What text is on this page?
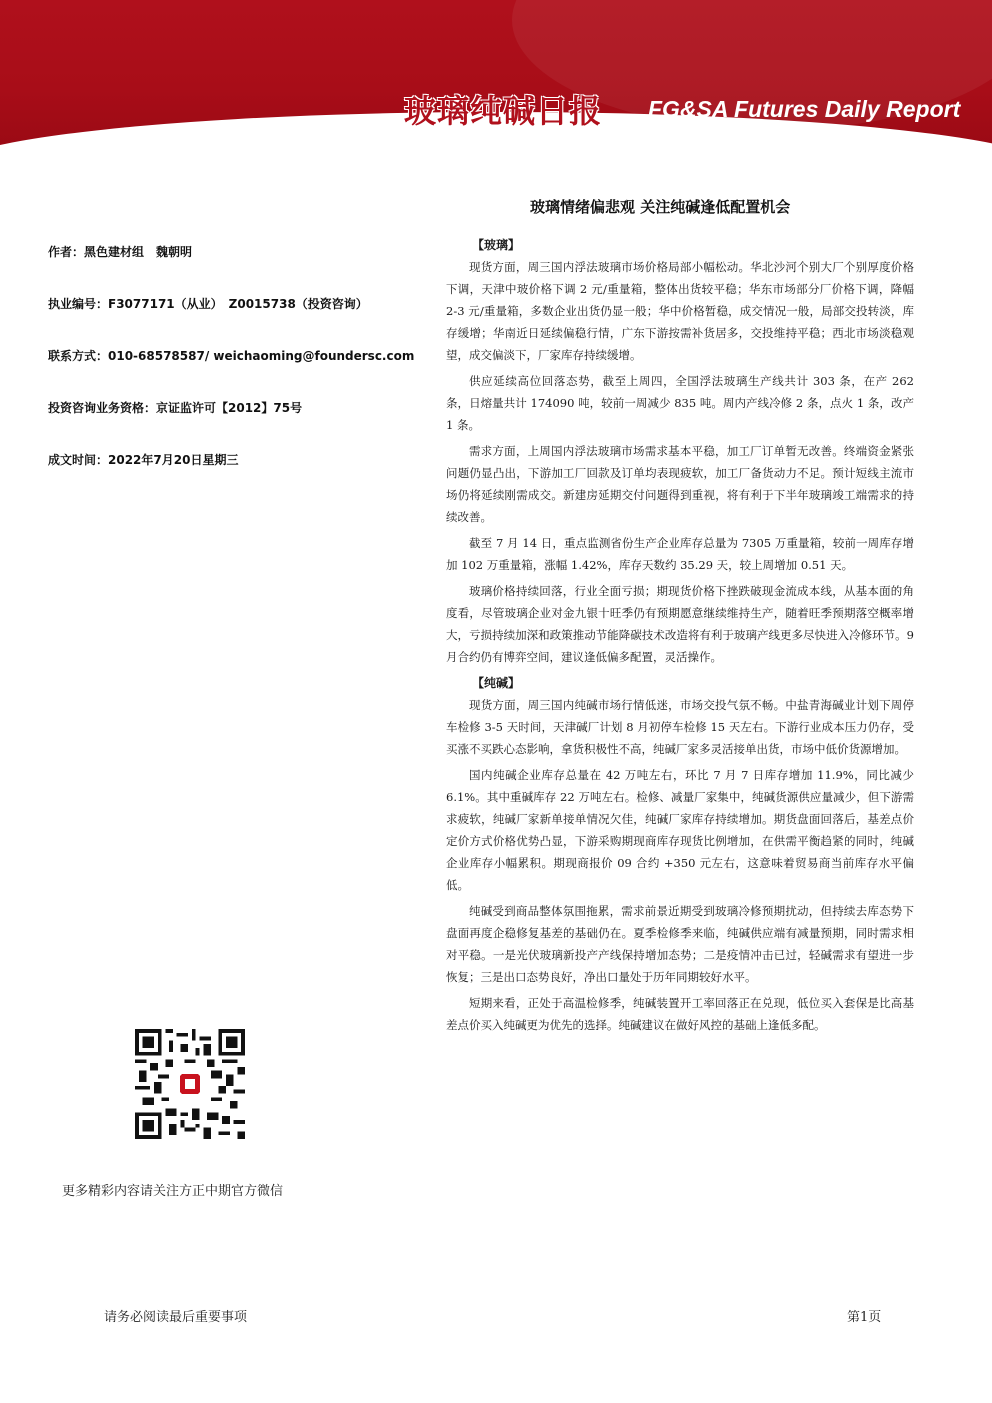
玻璃纯碱日报 FG&SA Futures Daily Report
玻璃情绪偏悲观 关注纯碱逢低配置机会
作者：黑色建材组　魏朝明
执业编号：F3077171（从业）　Z0015738（投资咨询）
联系方式：010-68578587/ weichaoming@foundersc.com
投资咨询业务资格：京证监许可【2012】75号
成文时间：2022年7月20日星期三
更多精彩内容请关注方正中期官方微信
【玻璃】

现货方面，周三国内浮法玻璃市场价格局部小幅松动。华北沙河个别大厂个别厚度价格下调，天津中玻价格下调 2 元/重量箱，整体出货较平稳；华东市场部分厂价格下调，降幅 2-3 元/重量箱，多数企业出货仍显一般；华中价格暂稳，成交情况一般，局部交投转淡，库存缓增；华南近日延续偏稳行情，广东下游按需补货居多，交投维持平稳；西北市场淡稳观望，成交偏淡下，厂家库存持续缓增。

供应延续高位回落态势，截至上周四，全国浮法玻璃生产线共计 303 条，在产 262 条，日熔量共计 174090 吨，较前一周减少 835 吨。周内产线冷修 2 条，点火 1 条，改产 1 条。

需求方面，上周国内浮法玻璃市场需求基本平稳，加工厂订单暂无改善。终端资金紧张问题仍显凸出，下游加工厂回款及订单均表现疲软，加工厂备货动力不足。预计短线主流市场仍将延续刚需成交。新建房延期交付问题得到重视，将有利于下半年玻璃竣工端需求的持续改善。

截至 7 月 14 日，重点监测省份生产企业库存总量为 7305 万重量箱，较前一周库存增加 102 万重量箱，涨幅 1.42%，库存天数约 35.29 天，较上周增加 0.51 天。

玻璃价格持续回落，行业全面亏损；期现货价格下挫跌破现金流成本线，从基本面的角度看，尽管玻璃企业对金九银十旺季仍有预期愿意继续维持生产，随着旺季预期落空概率增大，亏损持续加深和政策推动节能降碳技术改造将有利于玻璃产线更多尽快进入冷修环节。9 月合约仍有博弈空间，建议逢低偏多配置，灵活操作。

【纯碱】

现货方面，周三国内纯碱市场行情低迷，市场交投气氛不畅。中盐青海碱业计划下周停车检修 3-5 天时间，天津碱厂计划 8 月初停车检修 15 天左右。下游行业成本压力仍存，受买涨不买跌心态影响，拿货积极性不高，纯碱厂家多灵活接单出货，市场中低价货源增加。

国内纯碱企业库存总量在 42 万吨左右，环比 7 月 7 日库存增加 11.9%，同比减少 6.1%。其中重碱库存 22 万吨左右。检修、减量厂家集中，纯碱货源供应量减少，但下游需求疲软，纯碱厂家新单接单情况欠佳，纯碱厂家库存持续增加。期货盘面回落后，基差点价定价方式价格优势凸显，下游采购期现商库存现货比例增加，在供需平衡趋紧的同时，纯碱企业库存小幅累积。期现商报价 09 合约 +350 元左右，这意味着贸易商当前库存水平偏低。

纯碱受到商品整体氛围拖累，需求前景近期受到玻璃冷修预期扰动，但持续去库态势下盘面再度企稳修复基差的基础仍在。夏季检修季来临，纯碱供应端有减量预期，同时需求相对平稳。一是光伏玻璃新投产产线保持增加态势；二是疫情冲击已过，轻碱需求有望进一步恢复；三是出口态势良好，净出口量处于历年同期较好水平。

短期来看，正处于高温检修季，纯碱装置开工率回落正在兑现，低位买入套保是比高基差点价买入纯碱更为优先的选择。纯碱建议在做好风控的基础上逢低多配。

请务必阅读最后重要事项	第1页
